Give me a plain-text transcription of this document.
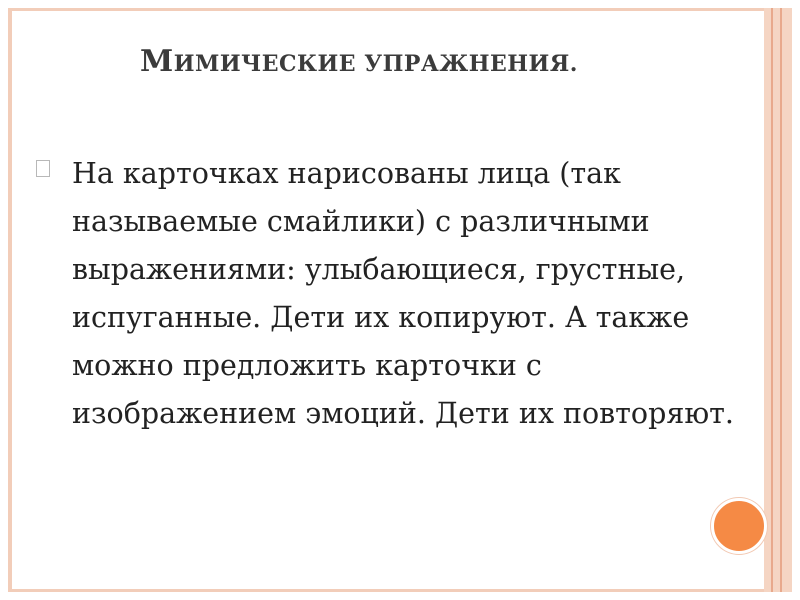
МИМИЧЕСКИЕ УПРАЖНЕНИЯ.
На карточках нарисованы лица (так называемые смайлики) с различными выражениями: улыбающиеся, грустные, испуганные. Дети их копируют. А также можно предложить карточки с изображением эмоций. Дети их повторяют.
